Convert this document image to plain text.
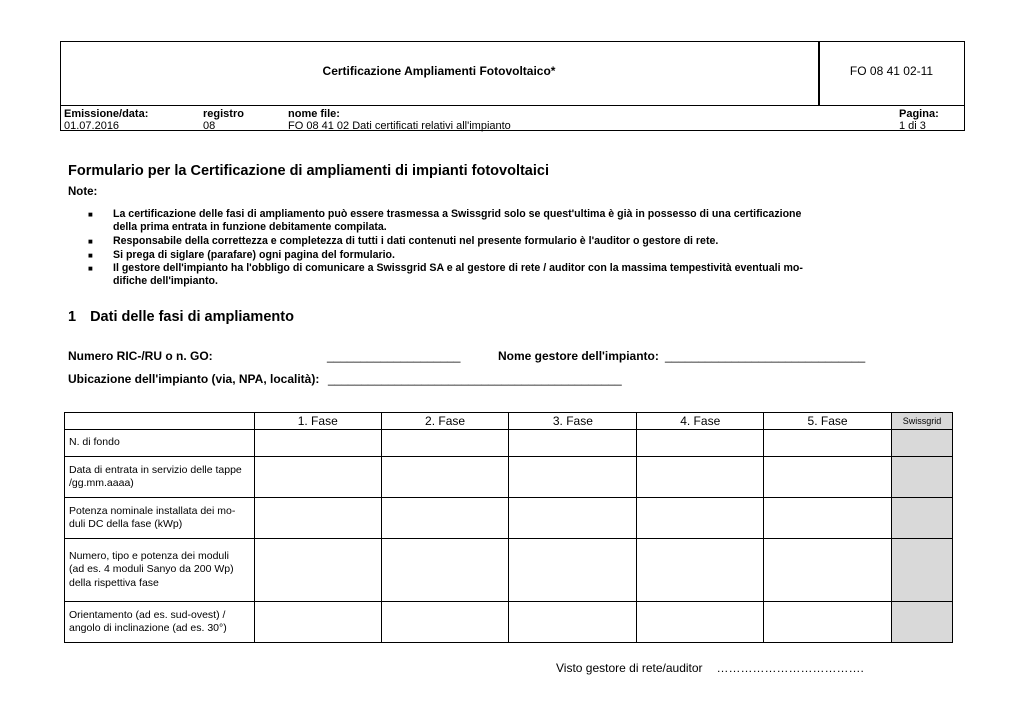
Certificazione Ampliamenti Fotovoltaico*	FO 08 41 02-11
Emissione/data:
01.07.2016
registro
08
nome file:
FO 08 41 02 Dati certificati relativi all'impianto
Pagina:
1 di 3
Formulario per la Certificazione di ampliamenti di impianti fotovoltaici
Note:
■ La certificazione delle fasi di ampliamento può essere trasmessa a Swissgrid solo se quest'ultima è già in possesso di una certificazione
della prima entrata in funzione debitamente compilata.
■ Responsabile della correttezza e completezza di tutti i dati contenuti nel presente formulario è l'auditor o gestore di rete.
■ Si prega di siglare (parafare) ogni pagina del formulario.
■ Il gestore dell'impianto ha l'obbligo di comunicare a Swissgrid SA e al gestore di rete / auditor con la massima tempestività eventuali mo-
difiche dell'impianto.
1 Dati delle fasi di ampliamento
Numero RIC-/RU o n. GO:	____________________	Nome gestore dell'impianto: ______________________________
Ubicazione dell'impianto (via, NPA, località): ____________________________________________
	1. Fase	2. Fase	3. Fase	4. Fase	5. Fase	Swissgrid
N. di fondo						
Data di entrata in servizio delle tappe
/gg.mm.aaaa)						
Potenza nominale installata dei mo-
duli DC della fase (kWp)						
Numero, tipo e potenza dei moduli
(ad es. 4 moduli Sanyo da 200 Wp)
della rispettiva fase						
Orientamento (ad es. sud-ovest) /
angolo di inclinazione (ad es. 30°)						
Visto gestore di rete/auditor ……………………………….
